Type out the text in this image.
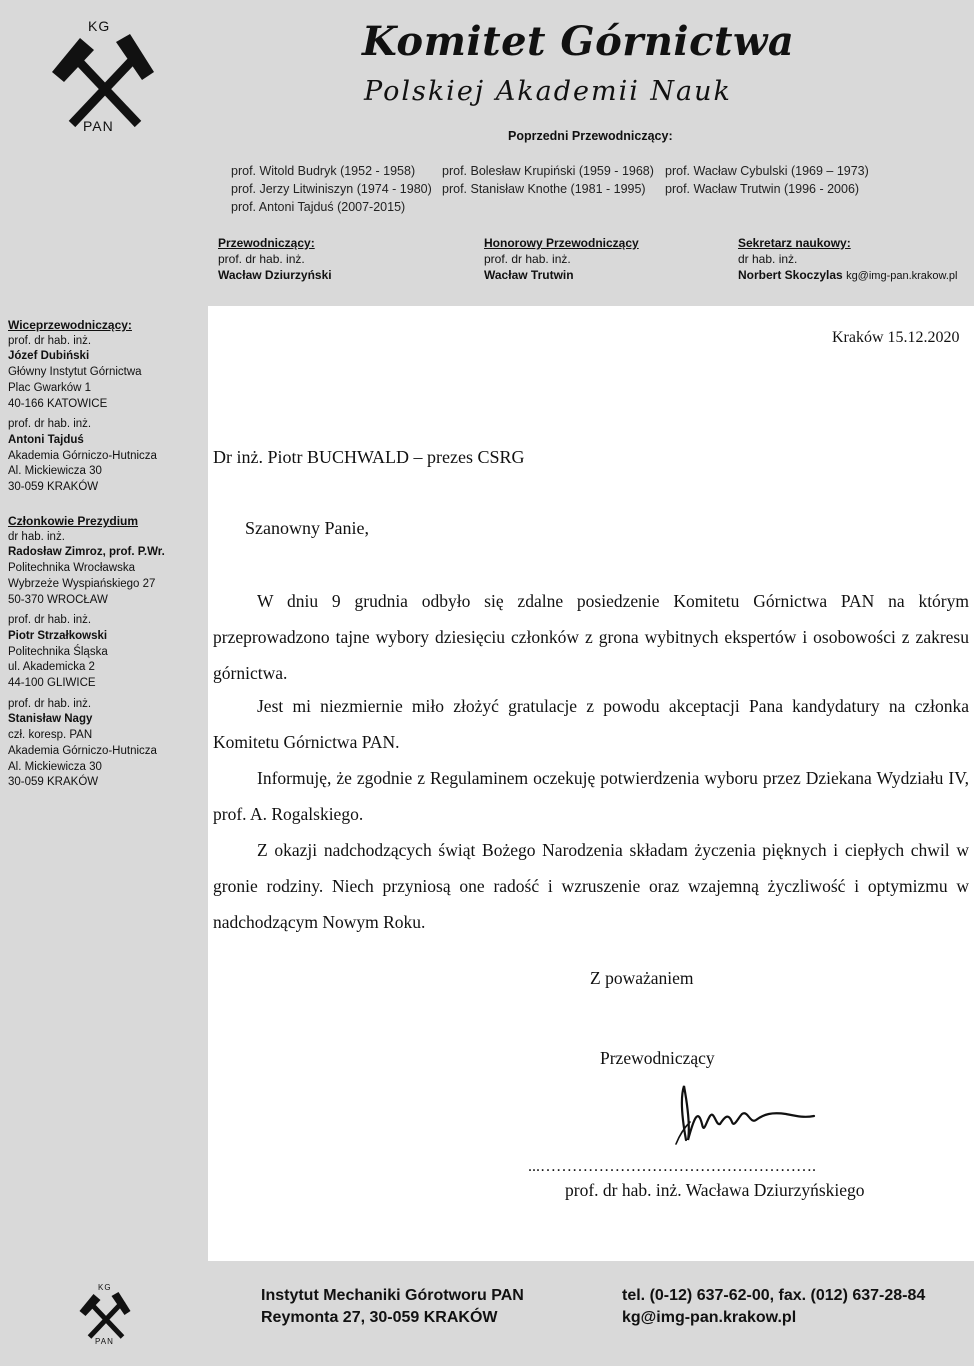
KG
PAN
Komitet Górnictwa
Polskiej Akademii Nauk
Poprzedni Przewodniczący:
prof. Witold Budryk (1952 - 1958) prof. Bolesław Krupiński (1959 - 1968) prof. Wacław Cybulski (1969 – 1973)
prof. Jerzy Litwiniszyn (1974 - 1980) prof. Stanisław Knothe (1981 - 1995) prof. Wacław Trutwin (1996 - 2006)
prof. Antoni Tajduś (2007-2015)
Przewodniczący:
prof. dr hab. inż.
Wacław Dziurzyński
Honorowy Przewodniczący
prof. dr hab. inż.
Wacław Trutwin
Sekretarz naukowy:
dr hab. inż.
Norbert Skoczylas kg@img-pan.krakow.pl
Wiceprzewodniczący:
prof. dr hab. inż.
Józef Dubiński
Główny Instytut Górnictwa
Plac Gwarków 1
40-166 KATOWICE
prof. dr hab. inż.
Antoni Tajduś
Akademia Górniczo-Hutnicza
Al. Mickiewicza 30
30-059 KRAKÓW
Członkowie Prezydium
dr hab. inż.
Radosław Zimroz, prof. P.Wr.
Politechnika Wrocławska
Wybrzeże Wyspiańskiego 27
50-370 WROCŁAW
prof. dr hab. inż.
Piotr Strzałkowski
Politechnika Śląska
ul. Akademicka 2
44-100 GLIWICE
prof. dr hab. inż.
Stanisław Nagy
czł. koresp. PAN
Akademia Górniczo-Hutnicza
Al. Mickiewicza 30
30-059 KRAKÓW
Kraków 15.12.2020
Dr inż. Piotr BUCHWALD – prezes CSRG
Szanowny Panie,
W dniu 9 grudnia odbyło się zdalne posiedzenie Komitetu Górnictwa PAN na którym przeprowadzono tajne wybory dziesięciu członków z grona wybitnych ekspertów i osobowości z zakresu górnictwa.
Jest mi niezmiernie miło złożyć gratulacje z powodu akceptacji Pana kandydatury na członka Komitetu Górnictwa PAN.
Informuję, że zgodnie z Regulaminem oczekuję potwierdzenia wyboru przez Dziekana Wydziału IV, prof. A. Rogalskiego.
Z okazji nadchodzących świąt Bożego Narodzenia składam życzenia pięknych i ciepłych chwil w gronie rodziny. Niech przyniosą one radość i wzruszenie oraz wzajemną życzliwość i optymizmu w nadchodzącym Nowym Roku.
Z poważaniem
Przewodniczący
...…………………………………………….
prof. dr hab. inż. Wacława Dziurzyńskiego
KG
PAN
Instytut Mechaniki Górotworu PAN
Reymonta 27, 30-059 KRAKÓW
tel. (0-12) 637-62-00, fax. (012) 637-28-84
kg@img-pan.krakow.pl
